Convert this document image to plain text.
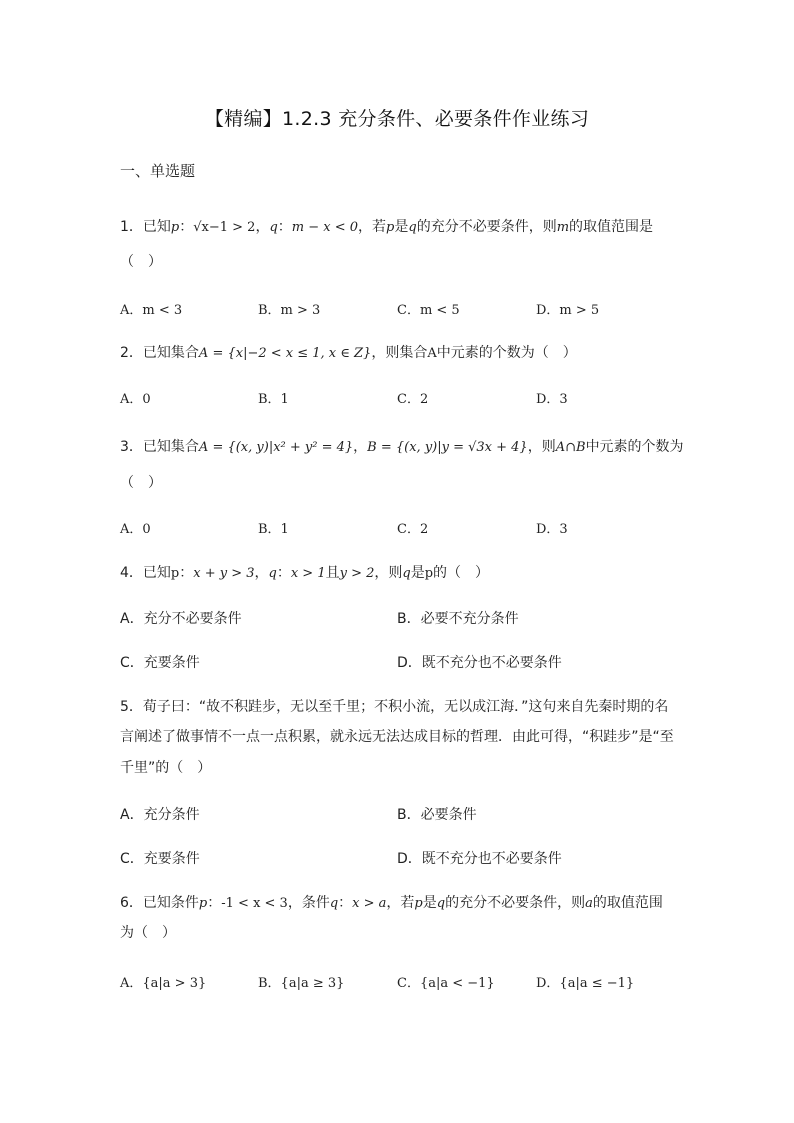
【精编】1.2.3 充分条件、必要条件作业练习
一、单选题
1．已知p：√x−1 > 2，q：m − x < 0，若p是q的充分不必要条件，则m的取值范围是
（　）
A．m < 3	B．m > 3	C．m < 5	D．m > 5
2．已知集合A = {x|−2 < x ≤ 1, x ∈ Z}，则集合A中元素的个数为（　）
A．0	B．1	C．2	D．3
3．已知集合A = {(x, y)|x² + y² = 4}，B = {(x, y)|y = √3x + 4}，则A∩B中元素的个数为
（　）
A．0	B．1	C．2	D．3
4．已知p：x + y > 3，q：x > 1且y > 2，则q是p的（　）
A．充分不必要条件	B．必要不充分条件
C．充要条件	D．既不充分也不必要条件
5．荀子曰：“故不积跬步，无以至千里；不积小流，无以成江海．”这句来自先秦时期的名
言阐述了做事情不一点一点积累，就永远无法达成目标的哲理．由此可得，“积跬步”是“至
千里”的（　）
A．充分条件	B．必要条件
C．充要条件	D．既不充分也不必要条件
6．已知条件p：-1 < x < 3，条件q：x > a，若p是q的充分不必要条件，则a的取值范围
为（　）
A．{a|a > 3}	B．{a|a ≥ 3}	C．{a|a < −1}	D．{a|a ≤ −1}
